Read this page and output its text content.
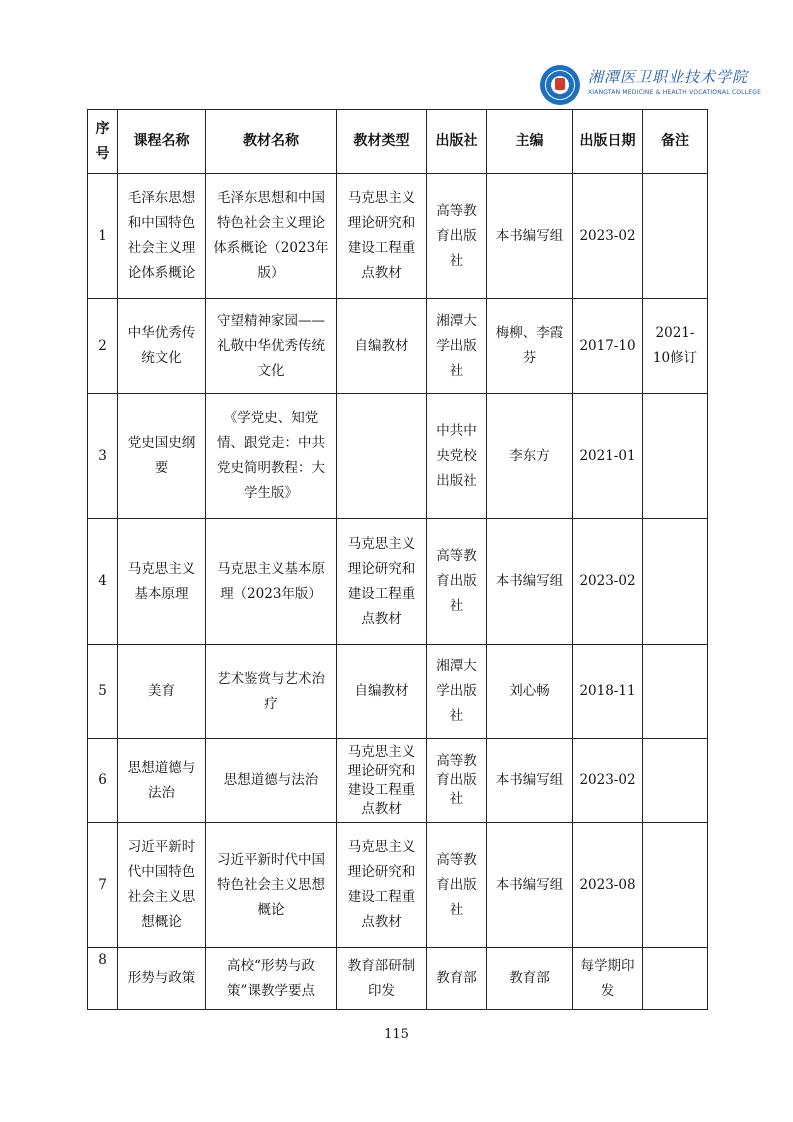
湘潭医卫职业技术学院
XIANGTAN MEDICINE & HEALTH VOCATIONAL COLLEGE
序号	课程名称	教材名称	教材类型	出版社	主编	出版日期	备注
1	毛泽东思想和中国特色社会主义理论体系概论	毛泽东思想和中国特色社会主义理论体系概论（2023年版）	马克思主义理论研究和建设工程重点教材	高等教育出版社	本书编写组	2023-02	
2	中华优秀传统文化	守望精神家园——礼敬中华优秀传统文化	自编教材	湘潭大学出版社	梅柳、李霞芬	2017-10	2021-10修订
3	党史国史纲要	《学党史、知党情、跟党走：中共党史简明教程：大学生版》		中共中央党校出版社	李东方	2021-01	
4	马克思主义基本原理	马克思主义基本原理（2023年版）	马克思主义理论研究和建设工程重点教材	高等教育出版社	本书编写组	2023-02	
5	美育	艺术鉴赏与艺术治疗	自编教材	湘潭大学出版社	刘心畅	2018-11	
6	思想道德与法治	思想道德与法治	马克思主义理论研究和建设工程重点教材	高等教育出版社	本书编写组	2023-02	
7	习近平新时代中国特色社会主义思想概论	习近平新时代中国特色社会主义思想概论	马克思主义理论研究和建设工程重点教材	高等教育出版社	本书编写组	2023-08	
8	形势与政策	高校“形势与政策”课教学要点	教育部研制印发	教育部	教育部	每学期印发	
115
